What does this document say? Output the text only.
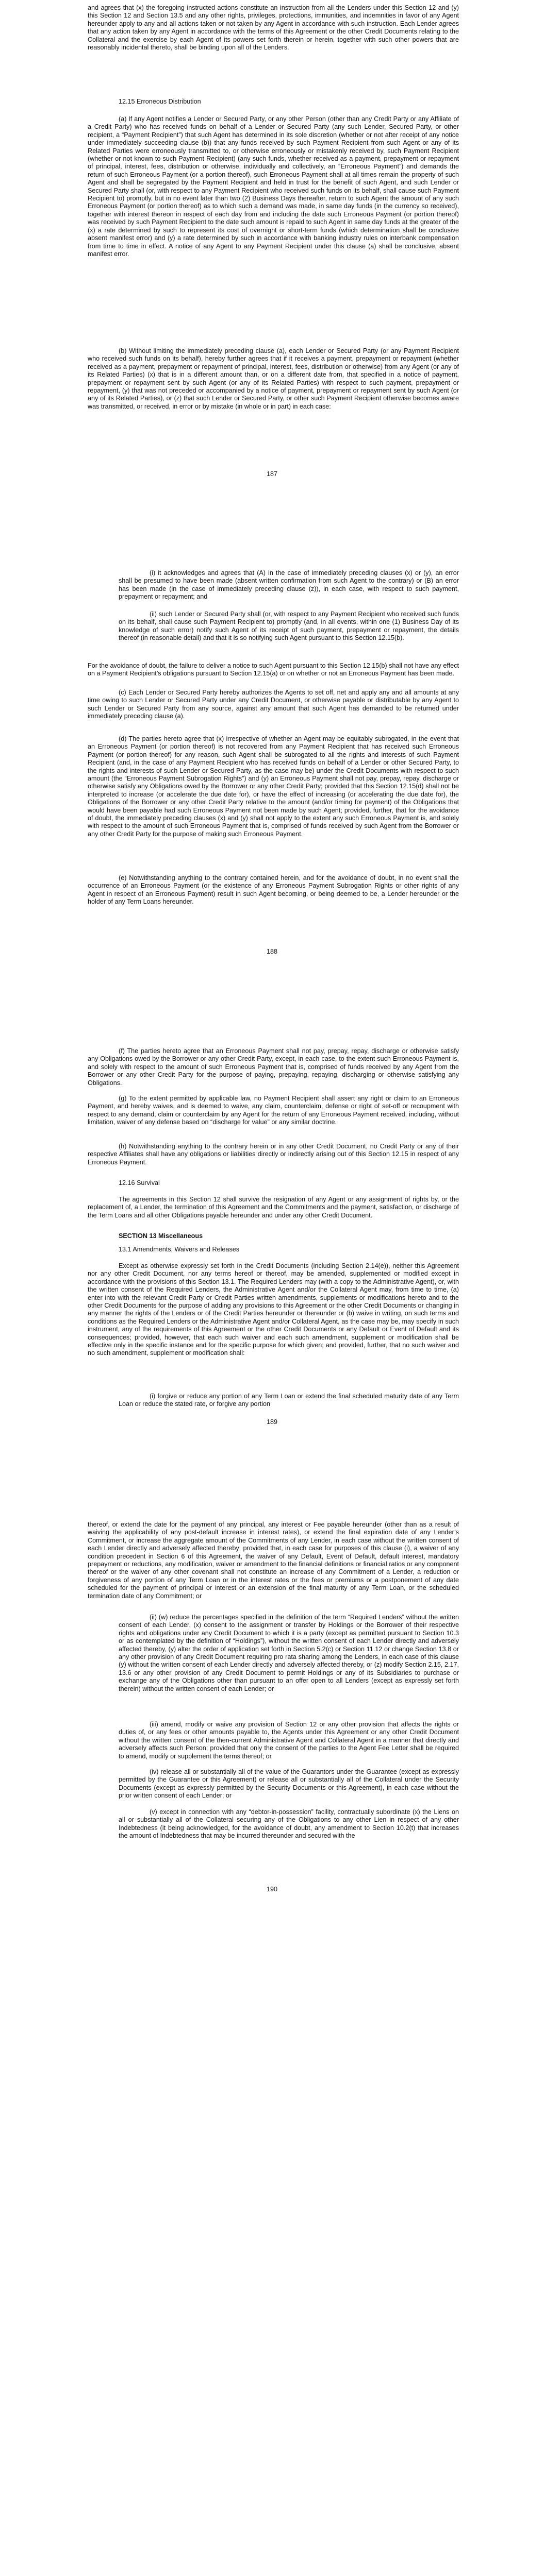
and agrees that (x) the foregoing instructed actions constitute an instruction from all the Lenders under this Section 12 and (y) this Section 12 and Section 13.5 and any other rights, privileges, protections, immunities, and indemnities in favor of any Agent hereunder apply to any and all actions taken or not taken by any Agent in accordance with such instruction. Each Lender agrees that any action taken by any Agent in accordance with the terms of this Agreement or the other Credit Documents relating to the Collateral and the exercise by each Agent of its powers set forth therein or herein, together with such other powers that are reasonably incidental thereto, shall be binding upon all of the Lenders.

12.15 Erroneous Distribution

(a) If any Agent notifies a Lender or Secured Party, or any other Person (other than any Credit Party or any Affiliate of a Credit Party) who has received funds on behalf of a Lender or Secured Party (any such Lender, Secured Party, or other recipient, a “Payment Recipient”) that such Agent has determined in its sole discretion (whether or not after receipt of any notice under immediately succeeding clause (b)) that any funds received by such Payment Recipient from such Agent or any of its Related Parties were erroneously transmitted to, or otherwise erroneously or mistakenly received by, such Payment Recipient (whether or not known to such Payment Recipient) (any such funds, whether received as a payment, prepayment or repayment of principal, interest, fees, distribution or otherwise, individually and collectively, an “Erroneous Payment”) and demands the return of such Erroneous Payment (or a portion thereof), such Erroneous Payment shall at all times remain the property of such Agent and shall be segregated by the Payment Recipient and held in trust for the benefit of such Agent, and such Lender or Secured Party shall (or, with respect to any Payment Recipient who received such funds on its behalf, shall cause such Payment Recipient to) promptly, but in no event later than two (2) Business Days thereafter, return to such Agent the amount of any such Erroneous Payment (or portion thereof) as to which such a demand was made, in same day funds (in the currency so received), together with interest thereon in respect of each day from and including the date such Erroneous Payment (or portion thereof) was received by such Payment Recipient to the date such amount is repaid to such Agent in same day funds at the greater of the (x) a rate determined by such to represent its cost of overnight or short-term funds (which determination shall be conclusive absent manifest error) and (y) a rate determined by such in accordance with banking industry rules on interbank compensation from time to time in effect. A notice of any Agent to any Payment Recipient under this clause (a) shall be conclusive, absent manifest error.

(b) Without limiting the immediately preceding clause (a), each Lender or Secured Party (or any Payment Recipient who received such funds on its behalf), hereby further agrees that if it receives a payment, prepayment or repayment (whether received as a payment, prepayment or repayment of principal, interest, fees, distribution or otherwise) from any Agent (or any of its Related Parties) (x) that is in a different amount than, or on a different date from, that specified in a notice of payment, prepayment or repayment sent by such Agent (or any of its Related Parties) with respect to such payment, prepayment or repayment, (y) that was not preceded or accompanied by a notice of payment, prepayment or repayment sent by such Agent (or any of its Related Parties), or (z) that such Lender or Secured Party, or other such Payment Recipient otherwise becomes aware was transmitted, or received, in error or by mistake (in whole or in part) in each case:

187

(i) it acknowledges and agrees that (A) in the case of immediately preceding clauses (x) or (y), an error shall be presumed to have been made (absent written confirmation from such Agent to the contrary) or (B) an error has been made (in the case of immediately preceding clause (z)), in each case, with respect to such payment, prepayment or repayment; and

(ii) such Lender or Secured Party shall (or, with respect to any Payment Recipient who received such funds on its behalf, shall cause such Payment Recipient to) promptly (and, in all events, within one (1) Business Day of its knowledge of such error) notify such Agent of its receipt of such payment, prepayment or repayment, the details thereof (in reasonable detail) and that it is so notifying such Agent pursuant to this Section 12.15(b).

For the avoidance of doubt, the failure to deliver a notice to such Agent pursuant to this Section 12.15(b) shall not have any effect on a Payment Recipient’s obligations pursuant to Section 12.15(a) or on whether or not an Erroneous Payment has been made.

(c) Each Lender or Secured Party hereby authorizes the Agents to set off, net and apply any and all amounts at any time owing to such Lender or Secured Party under any Credit Document, or otherwise payable or distributable by any Agent to such Lender or Secured Party from any source, against any amount that such Agent has demanded to be returned under immediately preceding clause (a).

(d) The parties hereto agree that (x) irrespective of whether an Agent may be equitably subrogated, in the event that an Erroneous Payment (or portion thereof) is not recovered from any Payment Recipient that has received such Erroneous Payment (or portion thereof) for any reason, such Agent shall be subrogated to all the rights and interests of such Payment Recipient (and, in the case of any Payment Recipient who has received funds on behalf of a Lender or other Secured Party, to the rights and interests of such Lender or Secured Party, as the case may be) under the Credit Documents with respect to such amount (the “Erroneous Payment Subrogation Rights”) and (y) an Erroneous Payment shall not pay, prepay, repay, discharge or otherwise satisfy any Obligations owed by the Borrower or any other Credit Party; provided that this Section 12.15(d) shall not be interpreted to increase (or accelerate the due date for), or have the effect of increasing (or accelerating the due date for), the Obligations of the Borrower or any other Credit Party relative to the amount (and/or timing for payment) of the Obligations that would have been payable had such Erroneous Payment not been made by such Agent; provided, further, that for the avoidance of doubt, the immediately preceding clauses (x) and (y) shall not apply to the extent any such Erroneous Payment is, and solely with respect to the amount of such Erroneous Payment that is, comprised of funds received by such Agent from the Borrower or any other Credit Party for the purpose of making such Erroneous Payment.

(e) Notwithstanding anything to the contrary contained herein, and for the avoidance of doubt, in no event shall the occurrence of an Erroneous Payment (or the existence of any Erroneous Payment Subrogation Rights or other rights of any Agent in respect of an Erroneous Payment) result in such Agent becoming, or being deemed to be, a Lender hereunder or the holder of any Term Loans hereunder.

188

(f) The parties hereto agree that an Erroneous Payment shall not pay, prepay, repay, discharge or otherwise satisfy any Obligations owed by the Borrower or any other Credit Party, except, in each case, to the extent such Erroneous Payment is, and solely with respect to the amount of such Erroneous Payment that is, comprised of funds received by any Agent from the Borrower or any other Credit Party for the purpose of paying, prepaying, repaying, discharging or otherwise satisfying any Obligations.

(g) To the extent permitted by applicable law, no Payment Recipient shall assert any right or claim to an Erroneous Payment, and hereby waives, and is deemed to waive, any claim, counterclaim, defense or right of set-off or recoupment with respect to any demand, claim or counterclaim by any Agent for the return of any Erroneous Payment received, including, without limitation, waiver of any defense based on “discharge for value” or any similar doctrine.

(h) Notwithstanding anything to the contrary herein or in any other Credit Document, no Credit Party or any of their respective Affiliates shall have any obligations or liabilities directly or indirectly arising out of this Section 12.15 in respect of any Erroneous Payment.

12.16 Survival

The agreements in this Section 12 shall survive the resignation of any Agent or any assignment of rights by, or the replacement of, a Lender, the termination of this Agreement and the Commitments and the payment, satisfaction, or discharge of the Term Loans and all other Obligations payable hereunder and under any other Credit Document.

SECTION 13 Miscellaneous

13.1 Amendments, Waivers and Releases

Except as otherwise expressly set forth in the Credit Documents (including Section 2.14(e)), neither this Agreement nor any other Credit Document, nor any terms hereof or thereof, may be amended, supplemented or modified except in accordance with the provisions of this Section 13.1. The Required Lenders may (with a copy to the Administrative Agent), or, with the written consent of the Required Lenders, the Administrative Agent and/or the Collateral Agent may, from time to time, (a) enter into with the relevant Credit Party or Credit Parties written amendments, supplements or modifications hereto and to the other Credit Documents for the purpose of adding any provisions to this Agreement or the other Credit Documents or changing in any manner the rights of the Lenders or of the Credit Parties hereunder or thereunder or (b) waive in writing, on such terms and conditions as the Required Lenders or the Administrative Agent and/or Collateral Agent, as the case may be, may specify in such instrument, any of the requirements of this Agreement or the other Credit Documents or any Default or Event of Default and its consequences; provided, however, that each such waiver and each such amendment, supplement or modification shall be effective only in the specific instance and for the specific purpose for which given; and provided, further, that no such waiver and no such amendment, supplement or modification shall:

(i) forgive or reduce any portion of any Term Loan or extend the final scheduled maturity date of any Term Loan or reduce the stated rate, or forgive any portion

189

thereof, or extend the date for the payment of any principal, any interest or Fee payable hereunder (other than as a result of waiving the applicability of any post-default increase in interest rates), or extend the final expiration date of any Lender’s Commitment, or increase the aggregate amount of the Commitments of any Lender, in each case without the written consent of each Lender directly and adversely affected thereby; provided that, in each case for purposes of this clause (i), a waiver of any condition precedent in Section 6 of this Agreement, the waiver of any Default, Event of Default, default interest, mandatory prepayment or reductions, any modification, waiver or amendment to the financial definitions or financial ratios or any component thereof or the waiver of any other covenant shall not constitute an increase of any Commitment of a Lender, a reduction or forgiveness of any portion of any Term Loan or in the interest rates or the fees or premiums or a postponement of any date scheduled for the payment of principal or interest or an extension of the final maturity of any Term Loan, or the scheduled termination date of any Commitment; or

(ii) (w) reduce the percentages specified in the definition of the term “Required Lenders” without the written consent of each Lender, (x) consent to the assignment or transfer by Holdings or the Borrower of their respective rights and obligations under any Credit Document to which it is a party (except as permitted pursuant to Section 10.3 or as contemplated by the definition of “Holdings”), without the written consent of each Lender directly and adversely affected thereby, (y) alter the order of application set forth in Section 5.2(c) or Section 11.12 or change Section 13.8 or any other provision of any Credit Document requiring pro rata sharing among the Lenders, in each case of this clause (y) without the written consent of each Lender directly and adversely affected thereby, or (z) modify Section 2.15, 2.17, 13.6 or any other provision of any Credit Document to permit Holdings or any of its Subsidiaries to purchase or exchange any of the Obligations other than pursuant to an offer open to all Lenders (except as expressly set forth therein) without the written consent of each Lender; or

(iii) amend, modify or waive any provision of Section 12 or any other provision that affects the rights or duties of, or any fees or other amounts payable to, the Agents under this Agreement or any other Credit Document without the written consent of the then-current Administrative Agent and Collateral Agent in a manner that directly and adversely affects such Person; provided that only the consent of the parties to the Agent Fee Letter shall be required to amend, modify or supplement the terms thereof; or

(iv) release all or substantially all of the value of the Guarantors under the Guarantee (except as expressly permitted by the Guarantee or this Agreement) or release all or substantially all of the Collateral under the Security Documents (except as expressly permitted by the Security Documents or this Agreement), in each case without the prior written consent of each Lender; or

(v) except in connection with any “debtor-in-possession” facility, contractually subordinate (x) the Liens on all or substantially all of the Collateral securing any of the Obligations to any other Lien in respect of any other Indebtedness (it being acknowledged, for the avoidance of doubt, any amendment to Section 10.2(t) that increases the amount of Indebtedness that may be incurred thereunder and secured with the

190
